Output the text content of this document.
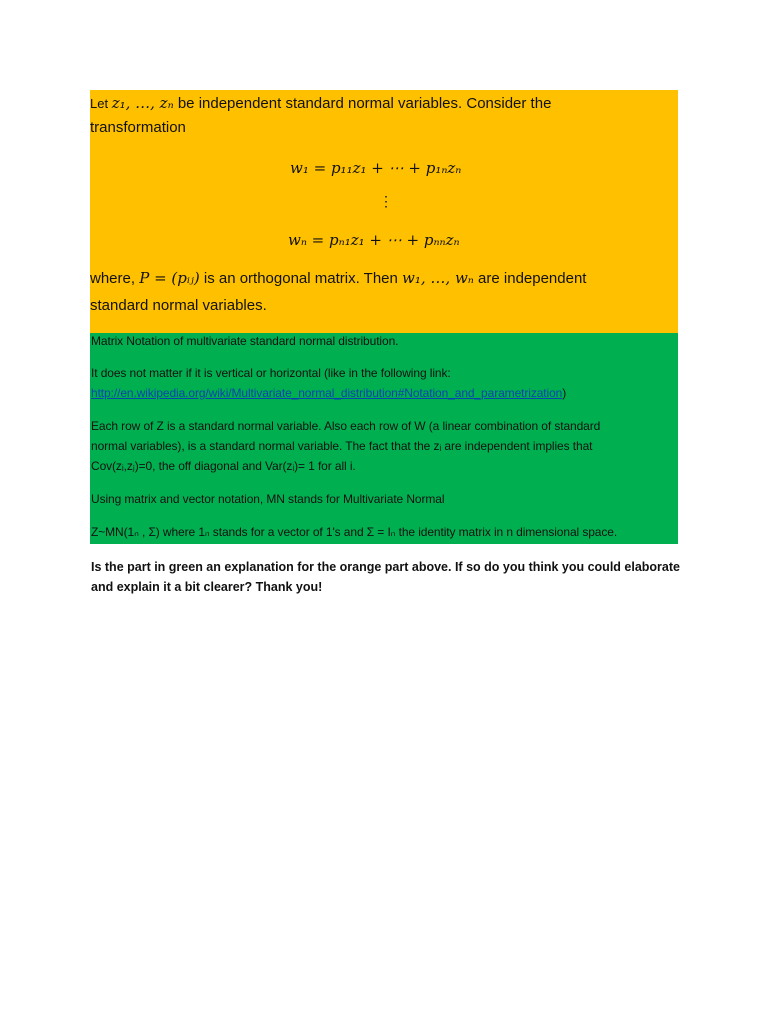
Let z₁, …, zₙ be independent standard normal variables. Consider the
transformation
w₁ = p₁₁z₁ + ⋯ + p₁ₙzₙ
⋮
wₙ = pₙ₁z₁ + ⋯ + pₙₙzₙ
where, P = (pᵢⱼ) is an orthogonal matrix. Then w₁, …, wₙ are independent
standard normal variables.
Matrix Notation of multivariate standard normal distribution.
It does not matter if it is vertical or horizontal (like in the following link:
http://en.wikipedia.org/wiki/Multivariate_normal_distribution#Notation_and_parametrization)
Each row of Z is a standard normal variable. Also each row of W (a linear combination of standard
normal variables), is a standard normal variable. The fact that the zᵢ are independent implies that
Cov(zᵢ,zⱼ)=0, the off diagonal and Var(zᵢ)= 1 for all i.
Using matrix and vector notation, MN stands for Multivariate Normal
Z~MN(1ₙ , Σ) where 1ₙ stands for a vector of 1's and Σ = Iₙ the identity matrix in n dimensional space.
Is the part in green an explanation for the orange part above. If so do you think you could elaborate
and explain it a bit clearer? Thank you!
